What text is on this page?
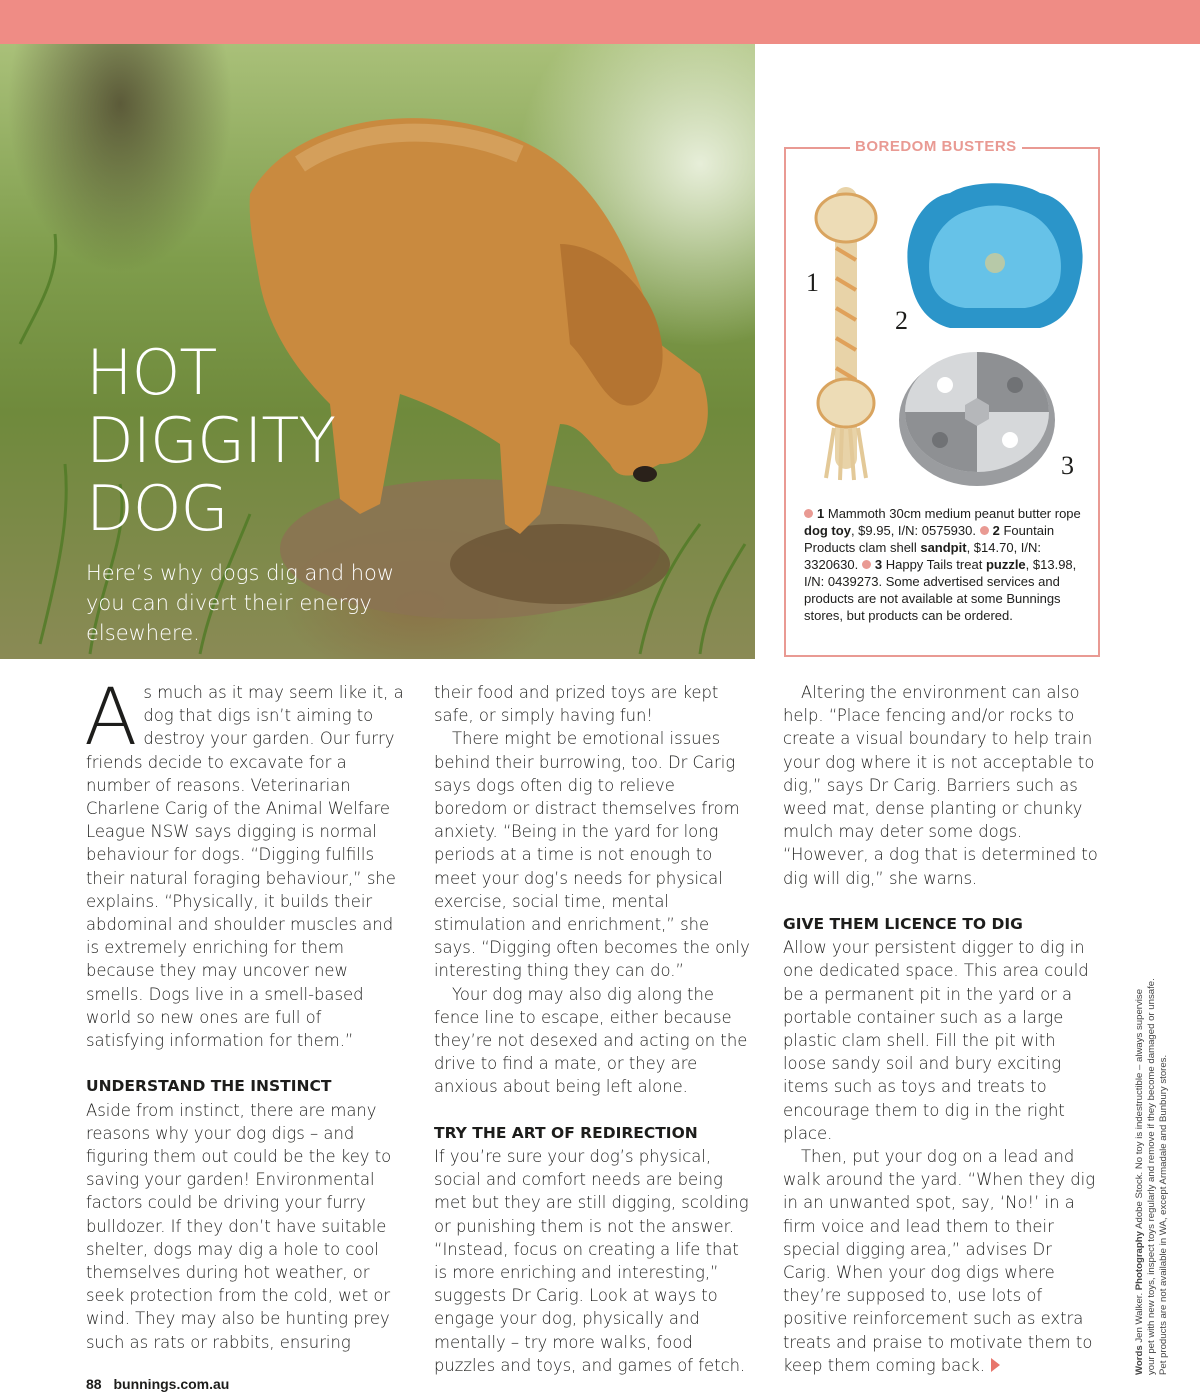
HOT
DIGGITY
DOG

Here’s why dogs dig and how you can divert their energy elsewhere.

BOREDOM BUSTERS
1
2
3

1 Mammoth 30cm medium peanut butter rope dog toy, $9.95, I/N: 0575930. 2 Fountain Products clam shell sandpit, $14.70, I/N: 3320630. 3 Happy Tails treat puzzle, $13.98, I/N: 0439273. Some advertised services and products are not available at some Bunnings stores, but products can be ordered.

A s much as it may seem like it, a dog that digs isn’t aiming to destroy your garden. Our furry friends decide to excavate for a number of reasons. Veterinarian Charlene Carig of the Animal Welfare League NSW says digging is normal behaviour for dogs. “Digging fulfills their natural foraging behaviour,” she explains. “Physically, it builds their abdominal and shoulder muscles and is extremely enriching for them because they may uncover new smells. Dogs live in a smell-based world so new ones are full of satisfying information for them.”

UNDERSTAND THE INSTINCT

Aside from instinct, there are many reasons why your dog digs – and figuring them out could be the key to saving your garden! Environmental factors could be driving your furry bulldozer. If they don’t have suitable shelter, dogs may dig a hole to cool themselves during hot weather, or seek protection from the cold, wet or wind. They may also be hunting prey such as rats or rabbits, ensuring

their food and prized toys are kept safe, or simply having fun!

There might be emotional issues behind their burrowing, too. Dr Carig says dogs often dig to relieve boredom or distract themselves from anxiety. “Being in the yard for long periods at a time is not enough to meet your dog’s needs for physical exercise, social time, mental stimulation and enrichment,” she says. “Digging often becomes the only interesting thing they can do.”

Your dog may also dig along the fence line to escape, either because they’re not desexed and acting on the drive to find a mate, or they are anxious about being left alone.

TRY THE ART OF REDIRECTION

If you’re sure your dog’s physical, social and comfort needs are being met but they are still digging, scolding or punishing them is not the answer. “Instead, focus on creating a life that is more enriching and interesting,” suggests Dr Carig. Look at ways to engage your dog, physically and mentally – try more walks, food puzzles and toys, and games of fetch.

Altering the environment can also help. “Place fencing and/or rocks to create a visual boundary to help train your dog where it is not acceptable to dig,” says Dr Carig. Barriers such as weed mat, dense planting or chunky mulch may deter some dogs. “However, a dog that is determined to dig will dig,” she warns.

GIVE THEM LICENCE TO DIG

Allow your persistent digger to dig in one dedicated space. This area could be a permanent pit in the yard or a portable container such as a large plastic clam shell. Fill the pit with loose sandy soil and bury exciting items such as toys and treats to encourage them to dig in the right place.

Then, put your dog on a lead and walk around the yard. “When they dig in an unwanted spot, say, ‘No!’ in a firm voice and lead them to their special digging area,” advises Dr Carig. When your dog digs where they’re supposed to, use lots of positive reinforcement such as extra treats and praise to motivate them to keep them coming back.

88 bunnings.com.au

Words Jen Walker. Photography Adobe Stock. No toy is indestructible – always supervise your pet with new toys, inspect toys regularly and remove if they become damaged or unsafe. Pet products are not available in WA, except Armadale and Bunbury stores.
